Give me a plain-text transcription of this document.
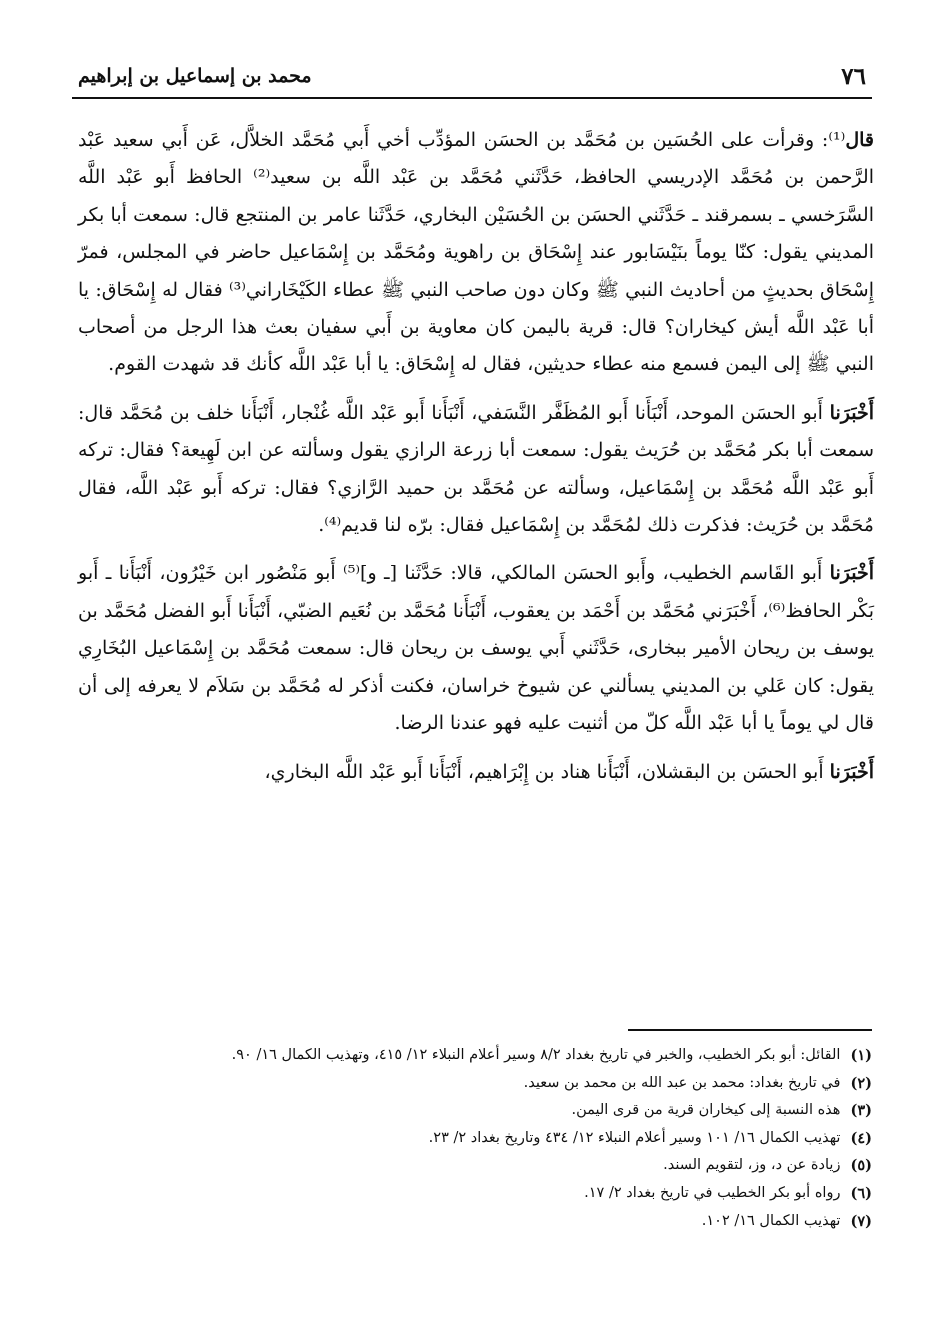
٧٦
محمد بن إسماعيل بن إبراهيم

قال⁽¹⁾: وقرأت على الحُسَين بن مُحَمَّد بن الحسَن المؤدِّب أخي أَبي مُحَمَّد الخلاَّل، عَن أَبي سعيد عَبْد الرَّحمن بن مُحَمَّد الإدريسي الحافظ، حَدَّثَني مُحَمَّد بن عَبْد اللَّه بن سعيد⁽²⁾ الحافظ أَبو عَبْد اللَّه السَّرَخسي ـ بسمرقند ـ حَدَّثَني الحسَن بن الحُسَيْن البخاري، حَدَّثَنا عامر بن المنتجع قال: سمعت أبا بكر المديني يقول: كنّا يوماً بنَيْسَابور عند إِسْحَاق بن راهوية ومُحَمَّد بن إِسْمَاعيل حاضر في المجلس، فمرّ إِسْحَاق بحديثٍ من أحاديث النبي ﷺ وكان دون صاحب النبي ﷺ عطاء الكَيْخَاراني⁽³⁾ فقال له إِسْحَاق: يا أبا عَبْد اللَّه أيش كيخاران؟ قال: قرية باليمن كان معاوية بن أَبي سفيان بعث هذا الرجل من أصحاب النبي ﷺ إلى اليمن فسمع منه عطاء حديثين، فقال له إِسْحَاق: يا أبا عَبْد اللَّه كأنك قد شهدت القوم.

أَخْبَرَنا أَبو الحسَن الموحد، أَنْبَأَنا أَبو المُظَفَّر النَّسَفي، أَنْبَأَنا أَبو عَبْد اللَّه غُنْجار، أَنْبَأَنا خلف بن مُحَمَّد قال: سمعت أبا بكر مُحَمَّد بن حُرَيث يقول: سمعت أبا زرعة الرازي يقول وسألته عن ابن لَهِيعة؟ فقال: تركه أَبو عَبْد اللَّه مُحَمَّد بن إِسْمَاعيل، وسألته عن مُحَمَّد بن حميد الرَّازي؟ فقال: تركه أَبو عَبْد اللَّه، فقال مُحَمَّد بن حُرَيث: فذكرت ذلك لمُحَمَّد بن إِسْمَاعيل فقال: برّه لنا قديم⁽⁴⁾.

أَخْبَرَنا أَبو القَاسم الخطيب، وأَبو الحسَن المالكي، قالا: حَدَّثَنا [ـ و]⁽⁵⁾ أَبو مَنْصُور ابن خَيْرُون، أَنْبَأَنا ـ أَبو بَكْر الحافظ⁽⁶⁾، أَخْبَرَني مُحَمَّد بن أَحْمَد بن يعقوب، أَنْبَأَنا مُحَمَّد بن نُعَيم الضبّي، أَنْبَأَنا أَبو الفضل مُحَمَّد بن يوسف بن ريحان الأمير ببخارى، حَدَّثَني أَبي يوسف بن ريحان قال: سمعت مُحَمَّد بن إِسْمَاعيل البُخَارِي يقول: كان عَلي بن المديني يسألني عن شيوخ خراسان، فكنت أذكر له مُحَمَّد بن سَلاَم لا يعرفه إلى أن قال لي يوماً يا أبا عَبْد اللَّه كلّ من أثنيت عليه فهو عندنا الرضا.

أَخْبَرَنا أَبو الحسَن بن البقشلان، أَنْبَأَنا هناد بن إِبْرَاهيم، أَنْبَأَنا أَبو عَبْد اللَّه البخاري،

(١)
القائل: أبو بكر الخطيب، والخبر في تاريخ بغداد ٨/٢ وسير أعلام النبلاء ١٢/ ٤١٥، وتهذيب الكمال ١٦/ ٩٠.
(٢)
في تاريخ بغداد: محمد بن عبد الله بن محمد بن سعيد.
(٣)
هذه النسبة إلى كيخاران قرية من قرى اليمن.
(٤)
تهذيب الكمال ١٦/ ١٠١ وسير أعلام النبلاء ١٢/ ٤٣٤ وتاريخ بغداد ٢/ ٢٣.
(٥)
زيادة عن د، وز، لتقويم السند.
(٦)
رواه أبو بكر الخطيب في تاريخ بغداد ٢/ ١٧.
(٧)
تهذيب الكمال ١٦/ ١٠٢.
